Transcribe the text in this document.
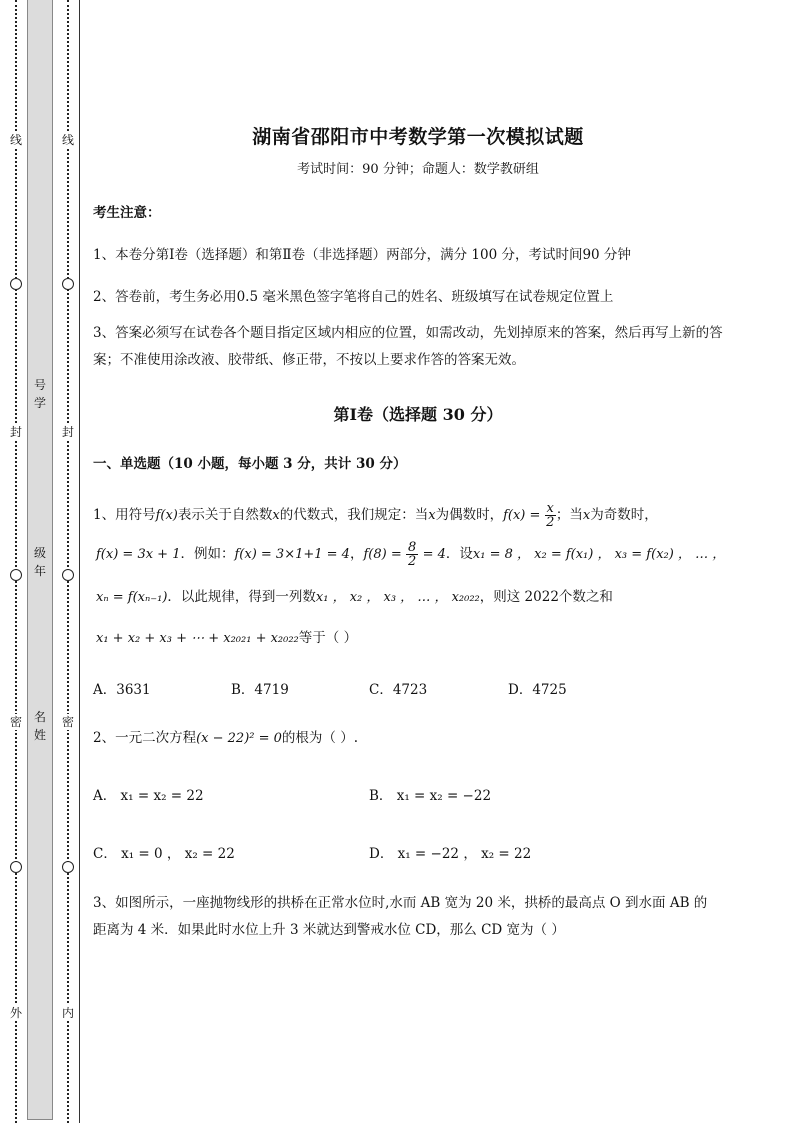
线
封
密
外
线
封
密
内
号
学
级
年
名
姓
湖南省邵阳市中考数学第一次模拟试题
考试时间：90 分钟；命题人：数学教研组
考生注意：
1、本卷分第Ⅰ卷（选择题）和第Ⅱ卷（非选择题）两部分，满分 100 分，考试时间90 分钟
2、答卷前，考生务必用0.5 毫米黑色签字笔将自己的姓名、班级填写在试卷规定位置上
3、答案必须写在试卷各个题目指定区域内相应的位置，如需改动，先划掉原来的答案，然后再写上新的答案；不准使用涂改液、胶带纸、修正带，不按以上要求作答的答案无效。
第Ⅰ卷（选择题 30 分）
一、单选题（10 小题，每小题 3 分，共计 30 分）
1、用符号f(x)表示关于自然数x的代数式，我们规定：当x为偶数时，$f(x) = \frac{x}{2}$ ；当x为奇数时，
f(x) = 3x + 1．例如：f(x) = 3×1+1 = 4，$f(8) = \frac{8}{2} = 4$．设x₁ = 8 ， x₂ = f(x₁) ， x₃ = f(x₂) ， … ，
xₙ = f(xₙ₋₁)．以此规律，得到一列数x₁ ， x₂ ， x₃ ， … ， x₂₀₂₂，则这 2022个数之和
x₁ + x₂ + x₃ + ⋯ + x₂₀₂₁ + x₂₀₂₂等于（ ）
A．3631	B．4719	C．4723	D．4725
2、一元二次方程(x − 22)² = 0的根为（ ）.
A． x₁ = x₂ = 22	B． x₁ = x₂ = −22
C． x₁ = 0 ， x₂ = 22	D． x₁ = −22 ， x₂ = 22
3、如图所示，一座抛物线形的拱桥在正常水位时,水而 AB 宽为 20 米，拱桥的最高点 O 到水面 AB 的
距离为 4 米．如果此时水位上升 3 米就达到警戒水位 CD，那么 CD 宽为（ ）
